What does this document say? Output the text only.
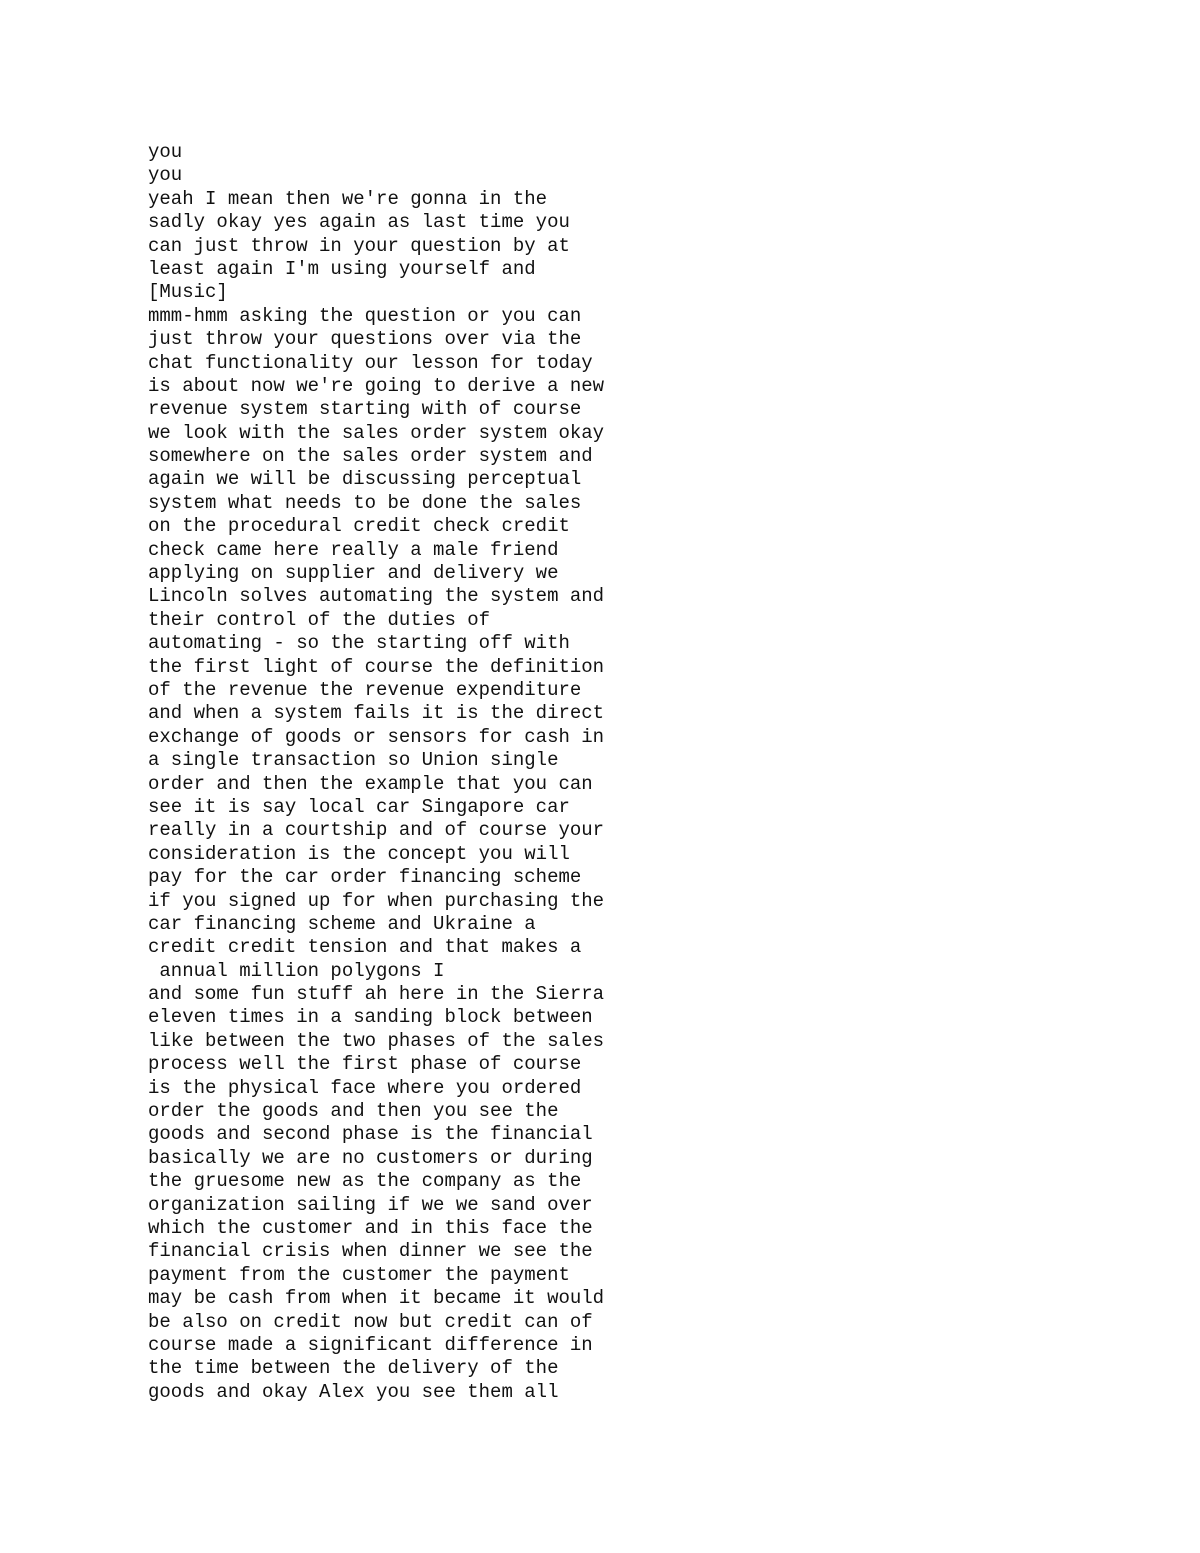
you
you
yeah I mean then we're gonna in the
sadly okay yes again as last time you
can just throw in your question by at
least again I'm using yourself and
[Music]
mmm-hmm asking the question or you can
just throw your questions over via the
chat functionality our lesson for today
is about now we're going to derive a new
revenue system starting with of course
we look with the sales order system okay
somewhere on the sales order system and
again we will be discussing perceptual
system what needs to be done the sales
on the procedural credit check credit
check came here really a male friend
applying on supplier and delivery we
Lincoln solves automating the system and
their control of the duties of
automating - so the starting off with
the first light of course the definition
of the revenue the revenue expenditure
and when a system fails it is the direct
exchange of goods or sensors for cash in
a single transaction so Union single
order and then the example that you can
see it is say local car Singapore car
really in a courtship and of course your
consideration is the concept you will
pay for the car order financing scheme
if you signed up for when purchasing the
car financing scheme and Ukraine a
credit credit tension and that makes a
annual million polygons I
and some fun stuff ah here in the Sierra
eleven times in a sanding block between
like between the two phases of the sales
process well the first phase of course
is the physical face where you ordered
order the goods and then you see the
goods and second phase is the financial
basically we are no customers or during
the gruesome new as the company as the
organization sailing if we we sand over
which the customer and in this face the
financial crisis when dinner we see the
payment from the customer the payment
may be cash from when it became it would
be also on credit now but credit can of
course made a significant difference in
the time between the delivery of the
goods and okay Alex you see them all
